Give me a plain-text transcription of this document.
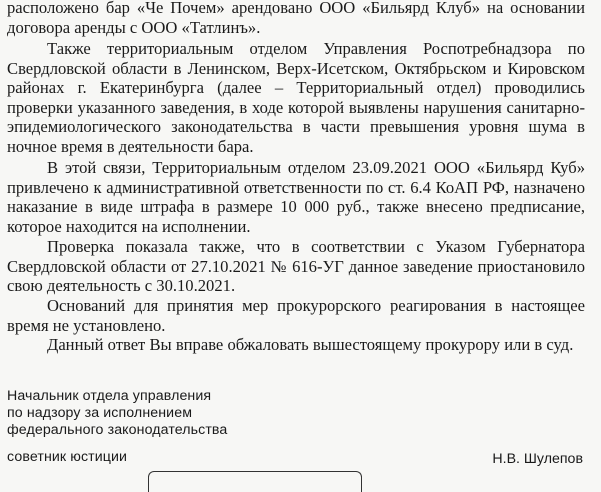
расположено бар «Че Почем» арендовано ООО «Бильярд Клуб» на основании договора аренды с ООО «Татлинъ».

Также территориальным отделом Управления Роспотребнадзора по Свердловской области в Ленинском, Верх-Исетском, Октябрьском и Кировском районах г. Екатеринбурга (далее – Территориальный отдел) проводились проверки указанного заведения, в ходе которой выявлены нарушения санитарно-эпидемиологического законодательства в части превышения уровня шума в ночное время в деятельности бара.

В этой связи, Территориальным отделом 23.09.2021 ООО «Бильярд Куб» привлечено к административной ответственности по ст. 6.4 КоАП РФ, назначено наказание в виде штрафа в размере 10 000 руб., также внесено предписание, которое находится на исполнении.

Проверка показала также, что в соответствии с Указом Губернатора Свердловской области от 27.10.2021 № 616-УГ данное заведение приостановило свою деятельность с 30.10.2021.

Оснований для принятия мер прокурорского реагирования в настоящее время не установлено.

Данный ответ Вы вправе обжаловать вышестоящему прокурору или в суд.

Начальник отдела управления
по надзору за исполнением
федерального законодательства
советник юстиции	Н.В. Шулепов
